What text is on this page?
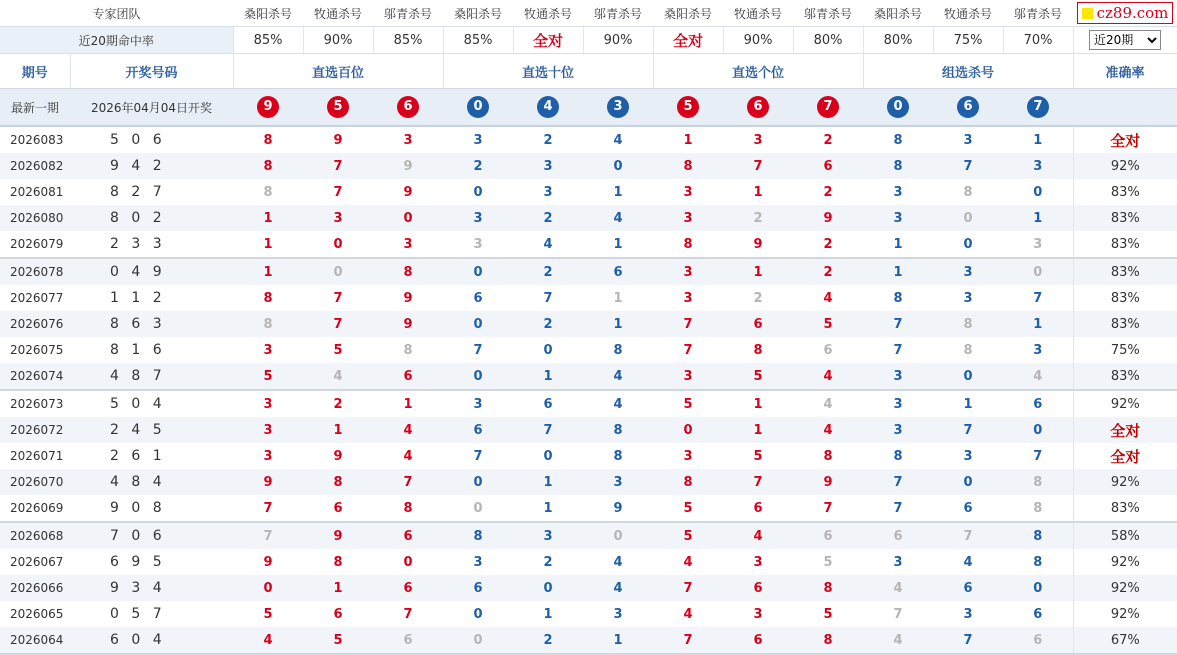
专家团队		桑阳杀号	牧通杀号	邬青杀号	桑阳杀号	牧通杀号	邬青杀号	桑阳杀号	牧通杀号	邬青杀号	桑阳杀号	牧通杀号	邬青杀号	cz89.com

近20期命中率		85%	90%	85%	85%	全对	90%	全对	90%	80%	80%	75%	70%	
近20期
期号	开奖号码	直选百位			直选十位			直选个位			组选杀号			准确率
最新一期	2026年04月04日开奖	9	5	6	0	4	3	5	6	7	0	6	7	
2026083	5 0 6	8	9	3	3	2	4	1	3	2	8	3	1	全对
2026082	9 4 2	8	7	9	2	3	0	8	7	6	8	7	3	92%
2026081	8 2 7	8	7	9	0	3	1	3	1	2	3	8	0	83%
2026080	8 0 2	1	3	0	3	2	4	3	2	9	3	0	1	83%
2026079	2 3 3	1	0	3	3	4	1	8	9	2	1	0	3	83%
2026078	0 4 9	1	0	8	0	2	6	3	1	2	1	3	0	83%
2026077	1 1 2	8	7	9	6	7	1	3	2	4	8	3	7	83%
2026076	8 6 3	8	7	9	0	2	1	7	6	5	7	8	1	83%
2026075	8 1 6	3	5	8	7	0	8	7	8	6	7	8	3	75%
2026074	4 8 7	5	4	6	0	1	4	3	5	4	3	0	4	83%
2026073	5 0 4	3	2	1	3	6	4	5	1	4	3	1	6	92%
2026072	2 4 5	3	1	4	6	7	8	0	1	4	3	7	0	全对
2026071	2 6 1	3	9	4	7	0	8	3	5	8	8	3	7	全对
2026070	4 8 4	9	8	7	0	1	3	8	7	9	7	0	8	92%
2026069	9 0 8	7	6	8	0	1	9	5	6	7	7	6	8	83%
2026068	7 0 6	7	9	6	8	3	0	5	4	6	6	7	8	58%
2026067	6 9 5	9	8	0	3	2	4	4	3	5	3	4	8	92%
2026066	9 3 4	0	1	6	6	0	4	7	6	8	4	6	0	92%
2026065	0 5 7	5	6	7	0	1	3	4	3	5	7	3	6	92%
2026064	6 0 4	4	5	6	0	2	1	7	6	8	4	7	6	67%
